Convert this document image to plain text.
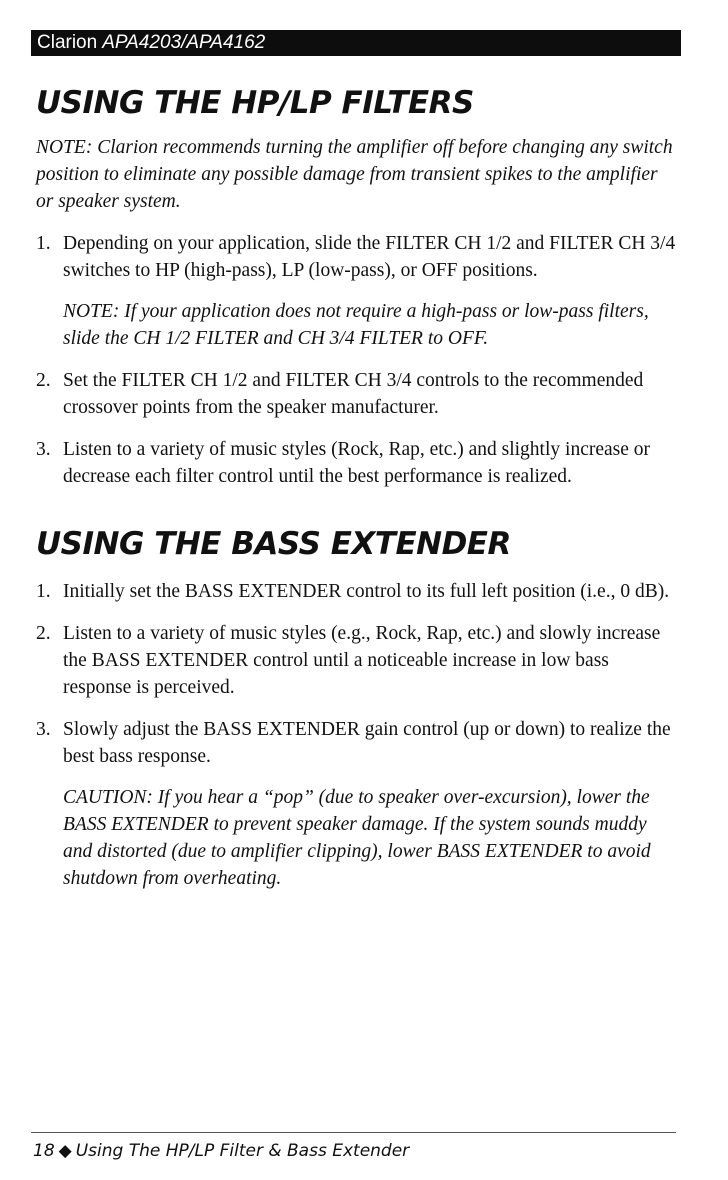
Clarion APA4203/APA4162
USING THE HP/LP FILTERS

NOTE: Clarion recommends turning the amplifier off before changing any switch position to eliminate any possible damage from transient spikes to the amplifier or speaker system.

1. Depending on your application, slide the FILTER CH 1/2 and FILTER CH 3/4 switches to HP (high-pass), LP (low-pass), or OFF positions.

NOTE: If your application does not require a high-pass or low-pass filters, slide the CH 1/2 FILTER and CH 3/4 FILTER to OFF.

2. Set the FILTER CH 1/2 and FILTER CH 3/4 controls to the recommended crossover points from the speaker manufacturer.
3. Listen to a variety of music styles (Rock, Rap, etc.) and slightly increase or decrease each filter control until the best performance is realized.
USING THE BASS EXTENDER
1. Initially set the BASS EXTENDER control to its full left position (i.e., 0 dB).
2. Listen to a variety of music styles (e.g., Rock, Rap, etc.) and slowly increase the BASS EXTENDER control until a noticeable increase in low bass response is perceived.
3. Slowly adjust the BASS EXTENDER gain control (up or down) to realize the best bass response.

CAUTION: If you hear a “pop” (due to speaker over-excursion), lower the BASS EXTENDER to prevent speaker damage. If the system sounds muddy and distorted (due to amplifier clipping), lower BASS EXTENDER to avoid shutdown from overheating.

18 ◆ Using The HP/LP Filter & Bass Extender
